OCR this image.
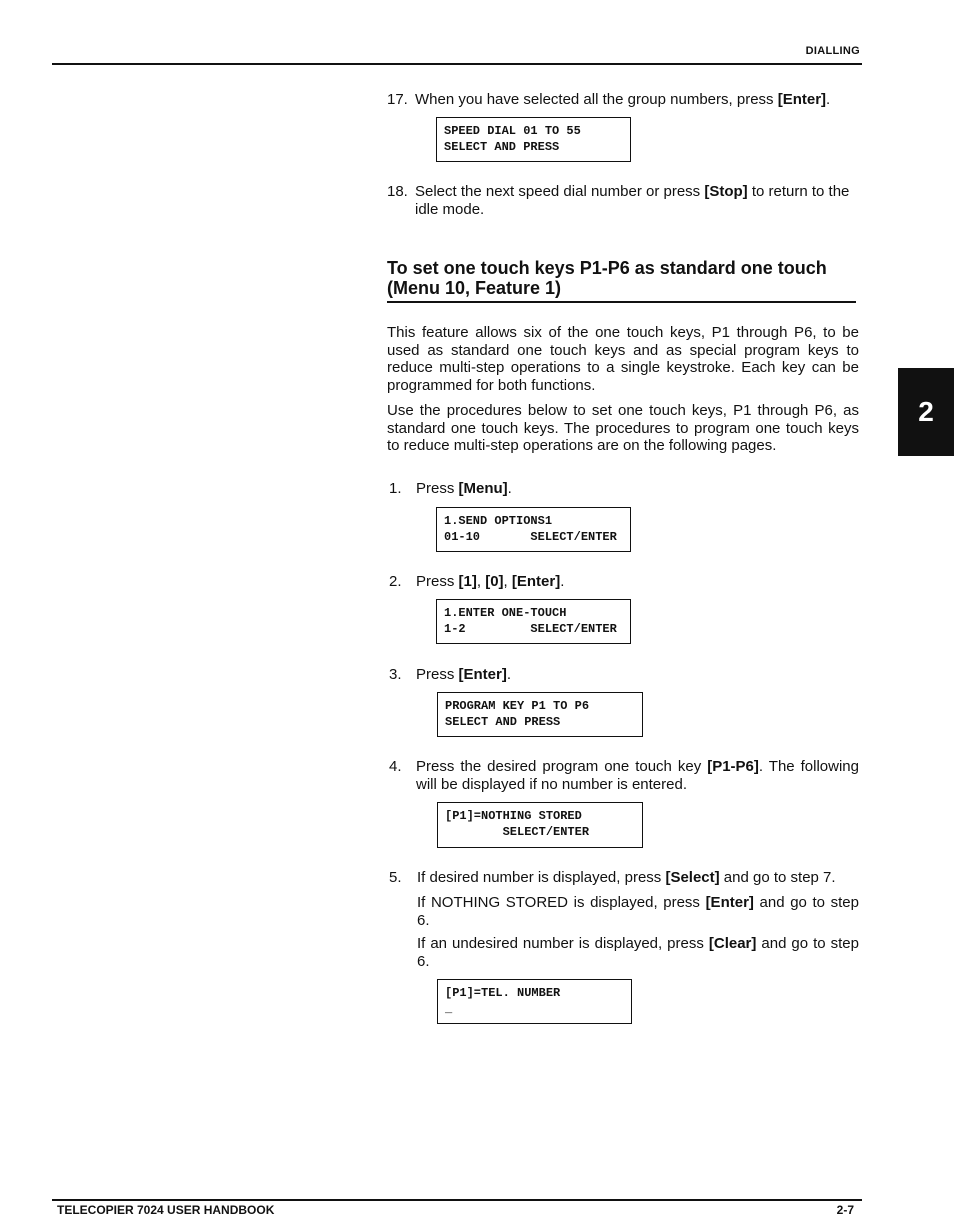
DIALLING
17. When you have selected all the group numbers, press [Enter].
SPEED DIAL 01 TO 55
SELECT AND PRESS
18. Select the next speed dial number or press [Stop] to return to the idle mode.
To set one touch keys P1-P6 as standard one touch
(Menu 10, Feature 1)
This feature allows six of the one touch keys, P1 through P6, to be used as standard one touch keys and as special program keys to reduce multi-step operations to a single keystroke. Each key can be programmed for both functions.
Use the procedures below to set one touch keys, P1 through P6, as standard one touch keys. The procedures to program one touch keys to reduce multi-step operations are on the following pages.
2
1. Press [Menu].
1.SEND OPTIONS1
01-10       SELECT/ENTER
2. Press [1], [0], [Enter].
1.ENTER ONE-TOUCH
1-2         SELECT/ENTER
3. Press [Enter].
PROGRAM KEY P1 TO P6
SELECT AND PRESS
4. Press the desired program one touch key [P1-P6]. The following will be displayed if no number is entered.
[P1]=NOTHING STORED
SELECT/ENTER
5. If desired number is displayed, press [Select] and go to step 7.
If NOTHING STORED is displayed, press [Enter] and go to step 6.
If an undesired number is displayed, press [Clear] and go to step 6.
[P1]=TEL. NUMBER
_
TELECOPIER 7024 USER HANDBOOK	2-7
